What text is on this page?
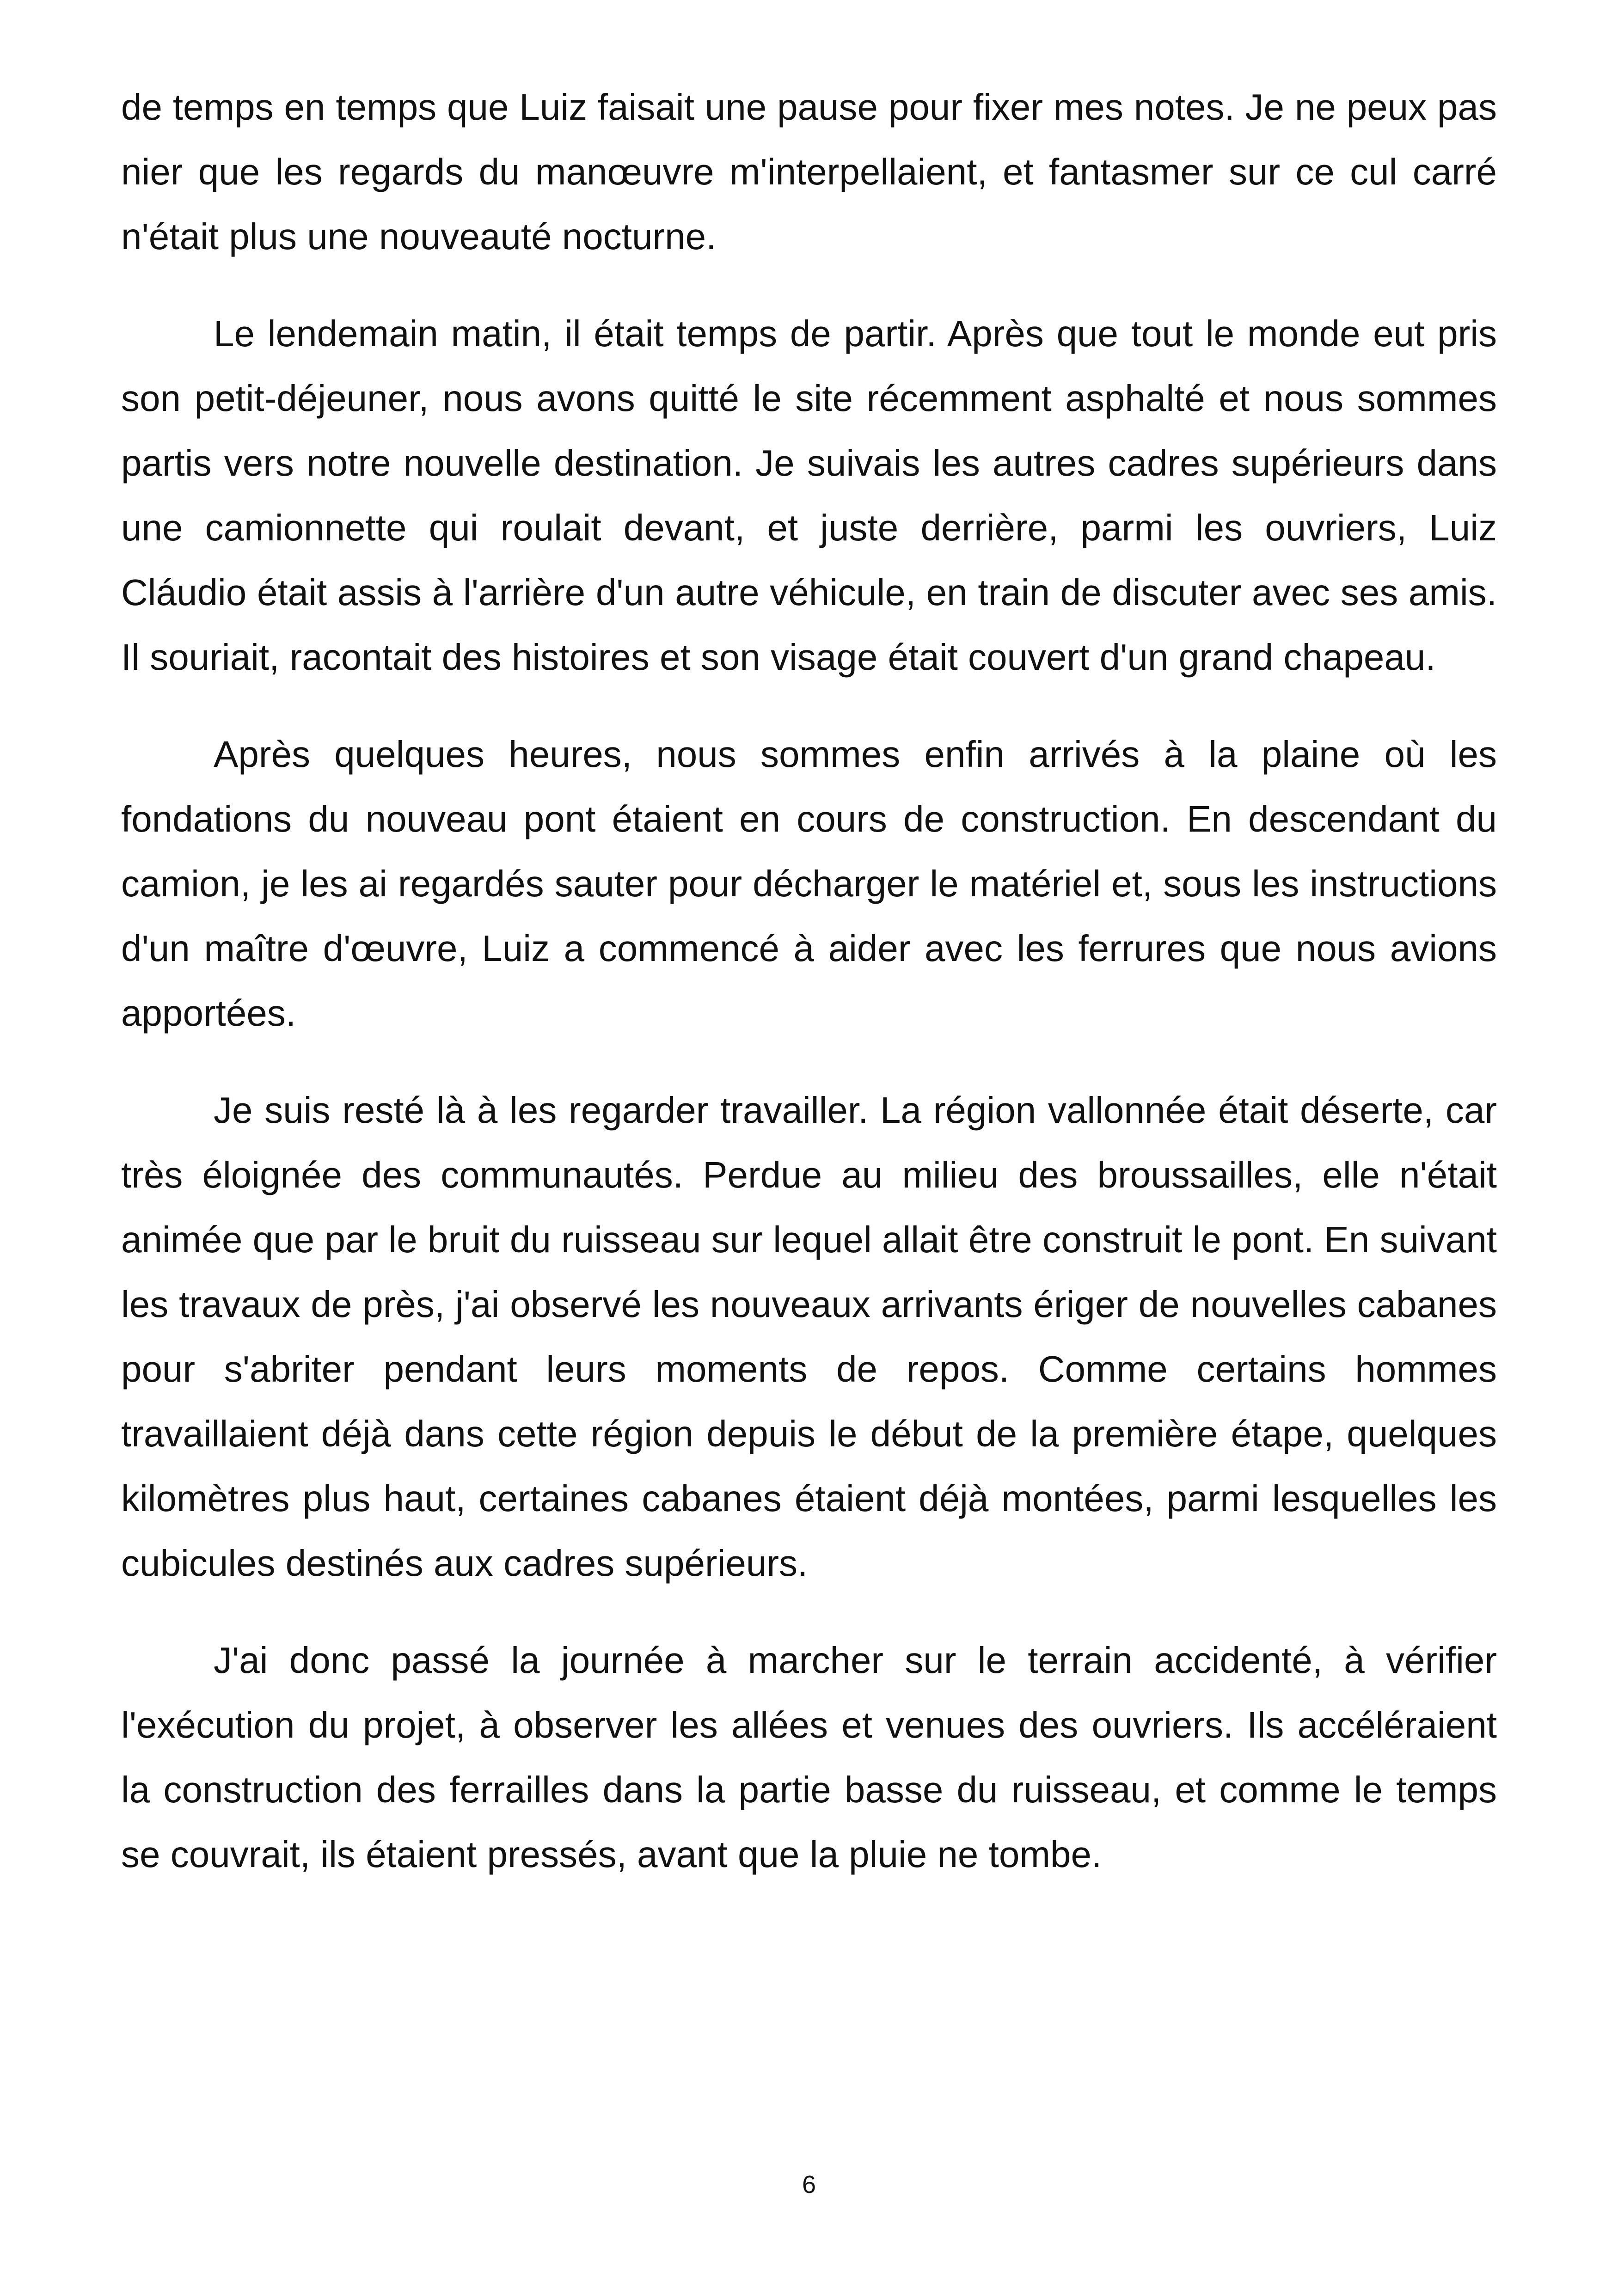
de temps en temps que Luiz faisait une pause pour fixer mes notes. Je ne peux pas nier que les regards du manœuvre m'interpellaient, et fantasmer sur ce cul carré n'était plus une nouveauté nocturne.

Le lendemain matin, il était temps de partir. Après que tout le monde eut pris son petit-déjeuner, nous avons quitté le site récemment asphalté et nous sommes partis vers notre nouvelle destination. Je suivais les autres cadres supérieurs dans une camionnette qui roulait devant, et juste derrière, parmi les ouvriers, Luiz Cláudio était assis à l'arrière d'un autre véhicule, en train de discuter avec ses amis. Il souriait, racontait des histoires et son visage était couvert d'un grand chapeau.

Après quelques heures, nous sommes enfin arrivés à la plaine où les fondations du nouveau pont étaient en cours de construction. En descendant du camion, je les ai regardés sauter pour décharger le matériel et, sous les instructions d'un maître d'œuvre, Luiz a commencé à aider avec les ferrures que nous avions apportées.

Je suis resté là à les regarder travailler. La région vallonnée était déserte, car très éloignée des communautés. Perdue au milieu des broussailles, elle n'était animée que par le bruit du ruisseau sur lequel allait être construit le pont. En suivant les travaux de près, j'ai observé les nouveaux arrivants ériger de nouvelles cabanes pour s'abriter pendant leurs moments de repos. Comme certains hommes travaillaient déjà dans cette région depuis le début de la première étape, quelques kilomètres plus haut, certaines cabanes étaient déjà montées, parmi lesquelles les cubicules destinés aux cadres supérieurs.

J'ai donc passé la journée à marcher sur le terrain accidenté, à vérifier l'exécution du projet, à observer les allées et venues des ouvriers. Ils accéléraient la construction des ferrailles dans la partie basse du ruisseau, et comme le temps se couvrait, ils étaient pressés, avant que la pluie ne tombe.

6
